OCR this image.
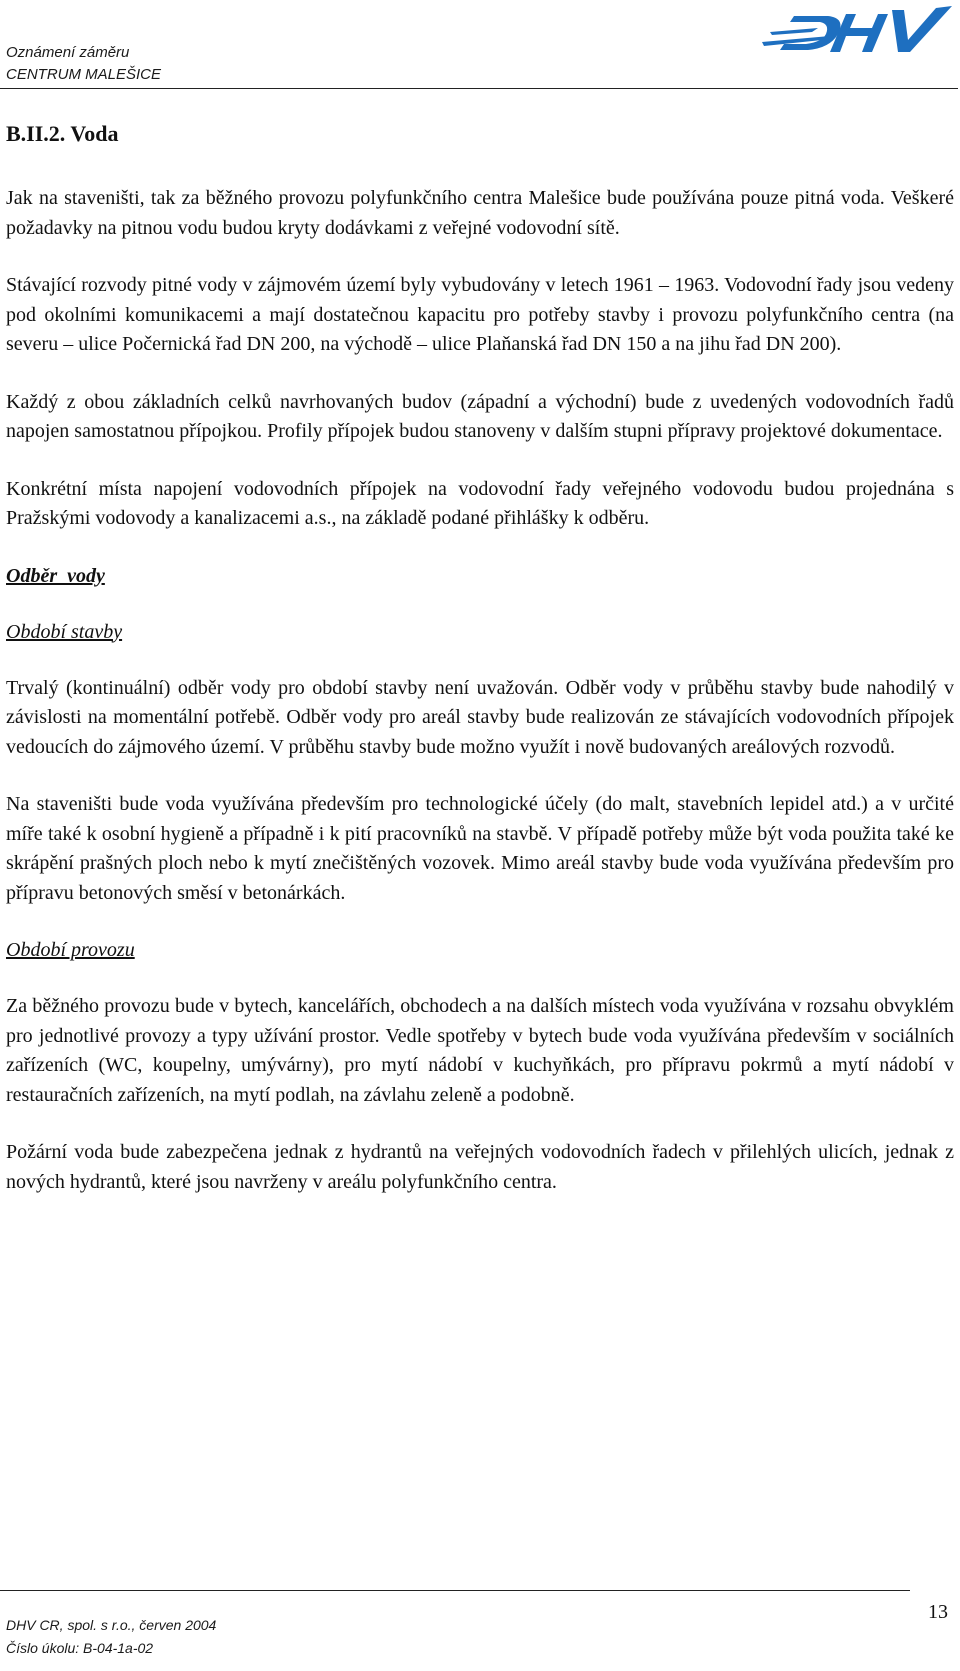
Oznámení záměru
CENTRUM MALEŠICE
B.II.2. Voda

Jak na staveništi, tak za běžného provozu polyfunkčního centra Malešice bude používána pouze pitná voda. Veškeré požadavky na pitnou vodu budou kryty dodávkami z veřejné vodovodní sítě.

Stávající rozvody pitné vody v zájmovém území byly vybudovány v letech 1961 – 1963. Vodovodní řady jsou vedeny pod okolními komunikacemi a mají dostatečnou kapacitu pro potřeby stavby i provozu polyfunkčního centra (na severu – ulice Počernická řad DN 200, na východě – ulice Plaňanská řad DN 150 a na jihu řad DN 200).

Každý z obou základních celků navrhovaných budov (západní a východní) bude z uvedených vodovodních řadů napojen samostatnou přípojkou. Profily přípojek budou stanoveny v dalším stupni přípravy projektové dokumentace.

Konkrétní místa napojení vodovodních přípojek na vodovodní řady veřejného vodovodu budou projednána s Pražskými vodovody a kanalizacemi a.s., na základě podané přihlášky k odběru.

Odběr  vody
Období stavby

Trvalý (kontinuální) odběr vody pro období stavby není uvažován. Odběr vody v průběhu stavby bude nahodilý v závislosti na momentální potřebě. Odběr vody pro areál stavby bude realizován ze stávajících vodovodních přípojek vedoucích do zájmového území. V průběhu stavby bude možno využít i nově budovaných areálových rozvodů.

Na staveništi bude voda využívána především pro technologické účely (do malt, stavebních lepidel atd.) a v určité míře také k osobní hygieně a případně i k pití pracovníků na stavbě. V případě potřeby může být voda použita také ke skrápění prašných ploch nebo k mytí znečištěných vozovek. Mimo areál stavby bude voda využívána především pro přípravu betonových směsí v betonárkách.

Období provozu

Za běžného provozu bude v bytech, kancelářích, obchodech a na dalších místech voda využívána v rozsahu obvyklém pro jednotlivé provozy a typy užívání prostor. Vedle spotřeby v bytech bude voda využívána především v sociálních zařízeních (WC, koupelny, umývárny), pro mytí nádobí v kuchyňkách, pro přípravu pokrmů a mytí nádobí v restauračních zařízeních, na mytí podlah, na závlahu zeleně a podobně.

Požární voda bude zabezpečena jednak z hydrantů na veřejných vodovodních řadech v přilehlých ulicích, jednak z nových hydrantů, které jsou navrženy v areálu polyfunkčního centra.

DHV CR, spol. s r.o., červen 2004
Číslo úkolu: B-04-1a-02
13
